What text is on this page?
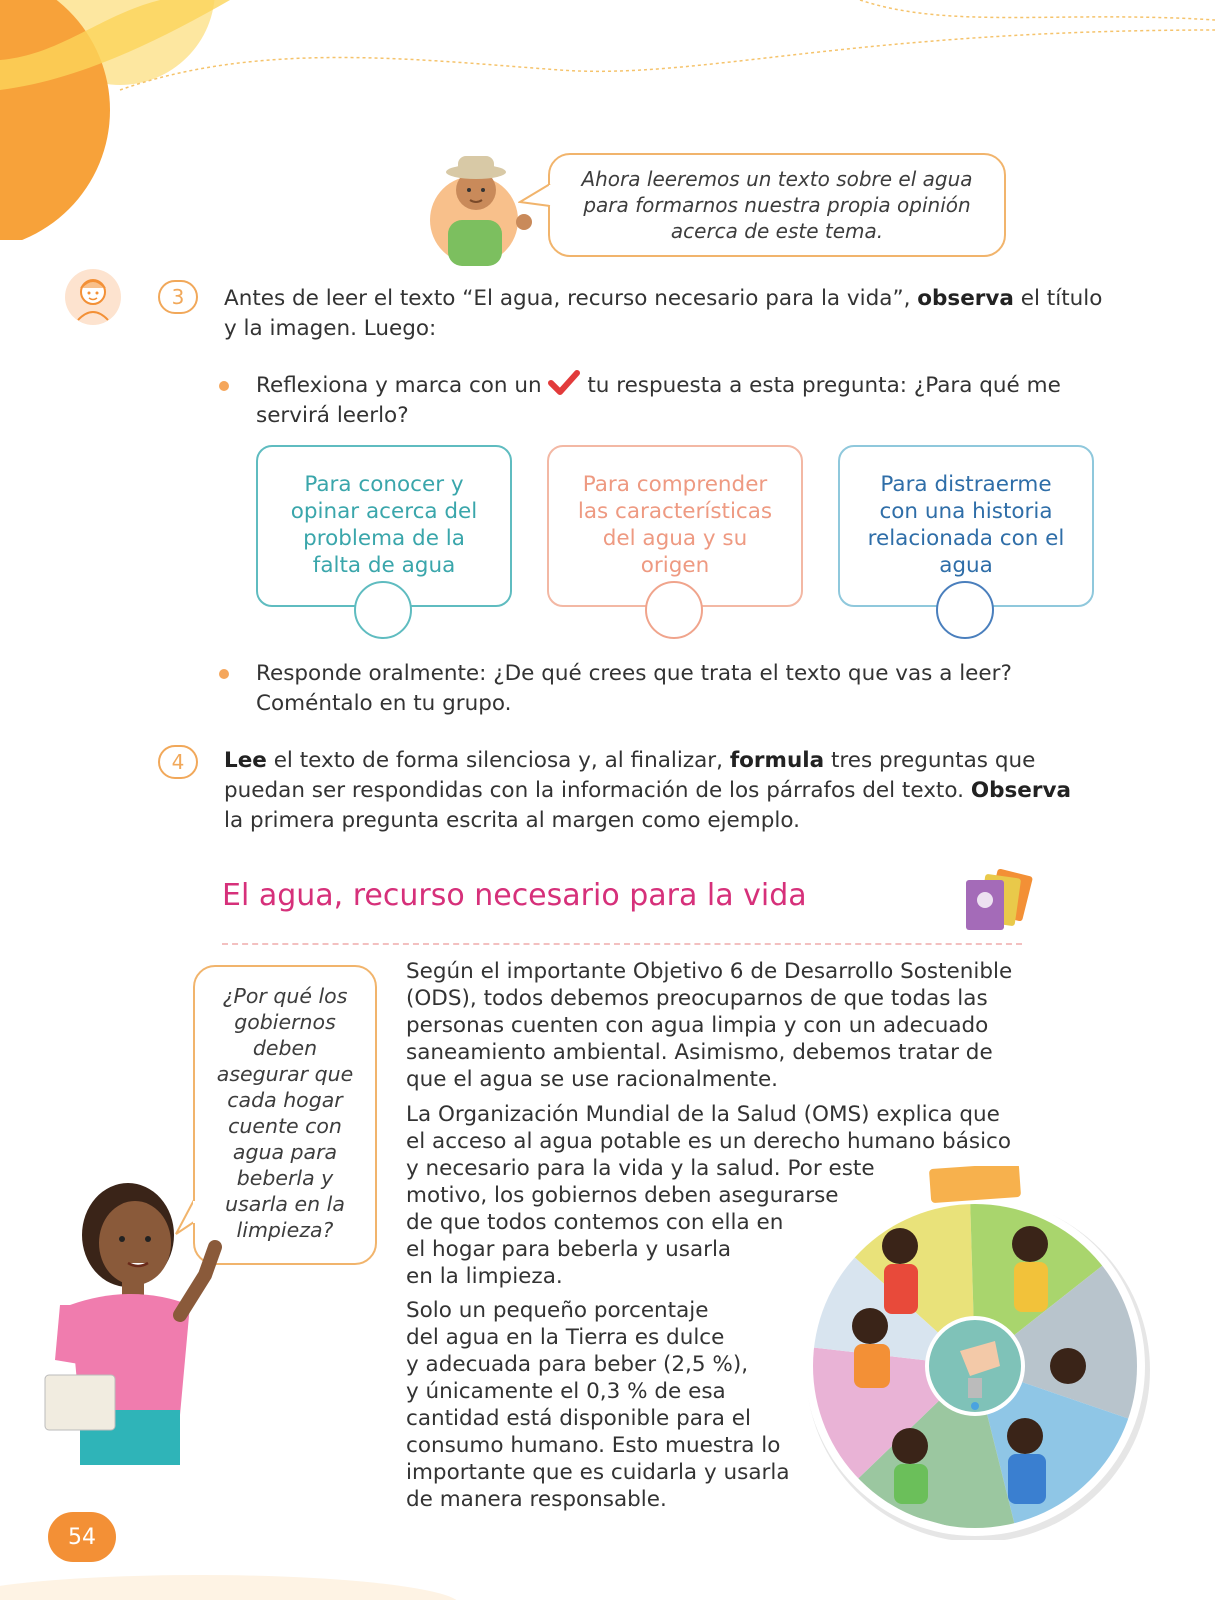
Ahora leeremos un texto sobre el agua para formarnos nuestra propia opinión acerca de este tema.
3	Antes de leer el texto “El agua, recurso necesario para la vida”, observa el título y la imagen. Luego:
Reflexiona y marca con un  tu respuesta a esta pregunta: ¿Para qué me servirá leerlo?
Para conocer y opinar acerca del problema de la falta de agua
Para comprender las características del agua y su origen
Para distraerme con una historia relacionada con el agua
Responde oralmente: ¿De qué crees que trata el texto que vas a leer? Coméntalo en tu grupo.
4	Lee el texto de forma silenciosa y, al finalizar, formula tres preguntas que puedan ser respondidas con la información de los párrafos del texto. Observa la primera pregunta escrita al margen como ejemplo.
El agua, recurso necesario para la vida
¿Por qué los gobiernos deben asegurar que cada hogar cuente con agua para beberla y usarla en la limpieza?
Según el importante Objetivo 6 de Desarrollo Sostenible (ODS), todos debemos preocuparnos de que todas las personas cuenten con agua limpia y con un adecuado saneamiento ambiental. Asimismo, debemos tratar de que el agua se use racionalmente.
La Organización Mundial de la Salud (OMS) explica que
el acceso al agua potable es un derecho humano básico
y necesario para la vida y la salud. Por este
motivo, los gobiernos deben asegurarse
de que todos contemos con ella en
el hogar para beberla y usarla
en la limpieza.
Solo un pequeño porcentaje
del agua en la Tierra es dulce
y adecuada para beber (2,5 %),
y únicamente el 0,3 % de esa
cantidad está disponible para el
consumo humano. Esto muestra lo
importante que es cuidarla y usarla
de manera responsable.
54
